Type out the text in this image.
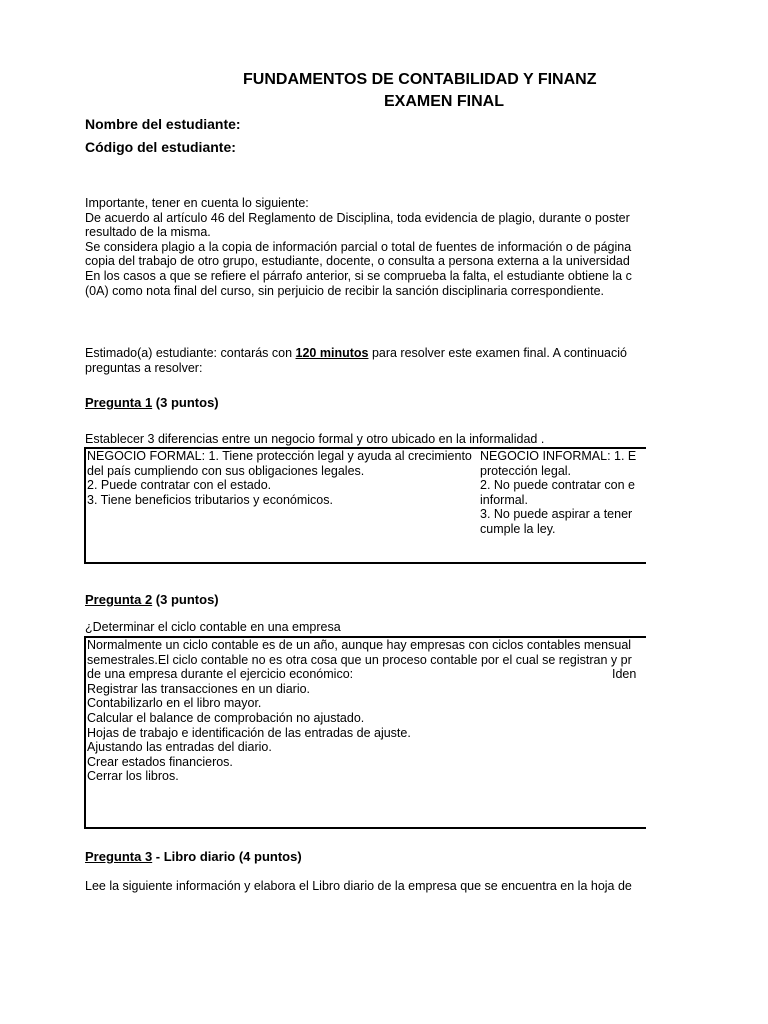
FUNDAMENTOS DE CONTABILIDAD Y FINANZ
EXAMEN FINAL
Nombre del estudiante:
Código del estudiante:
Importante, tener en cuenta lo siguiente:
De acuerdo al artículo 46 del Reglamento de Disciplina, toda evidencia de plagio, durante o poster
resultado de la misma.
Se considera plagio a la copia de información parcial o total de fuentes de información o de página
copia del trabajo de otro grupo, estudiante, docente, o consulta a persona externa a la universidad
En los casos a que se refiere el párrafo anterior, si se comprueba la falta, el estudiante obtiene la c
(0A) como nota final del curso, sin perjuicio de recibir la sanción disciplinaria correspondiente.
Estimado(a) estudiante: contarás con 120 minutos para resolver este examen final. A continuació
preguntas a resolver:
Pregunta 1 (3 puntos)
Establecer 3 diferencias entre un negocio formal y otro ubicado en la informalidad .
NEGOCIO FORMAL: 1. Tiene protección legal y ayuda al crecimiento
del país cumpliendo con sus obligaciones legales.
2. Puede contratar con el estado.
3. Tiene beneficios tributarios y económicos.
NEGOCIO INFORMAL: 1. E
protección legal.
2. No puede contratar con e
informal.
3. No puede aspirar a tener
cumple la ley.
Pregunta 2 (3 puntos)
¿Determinar el ciclo contable en una empresa
Normalmente un ciclo contable es de un año, aunque hay empresas con ciclos contables mensual
semestrales.El ciclo contable no es otra cosa que un proceso contable por el cual se registran y pr
de una empresa durante el ejercicio económico:
Registrar las transacciones en un diario.
Contabilizarlo en el libro mayor.
Calcular el balance de comprobación no ajustado.
Hojas de trabajo e identificación de las entradas de ajuste.
Ajustando las entradas del diario.
Crear estados financieros.
Cerrar los libros.
Iden
Pregunta 3 - Libro diario (4 puntos)
Lee la siguiente información y elabora el Libro diario de la empresa que se encuentra en la hoja de
